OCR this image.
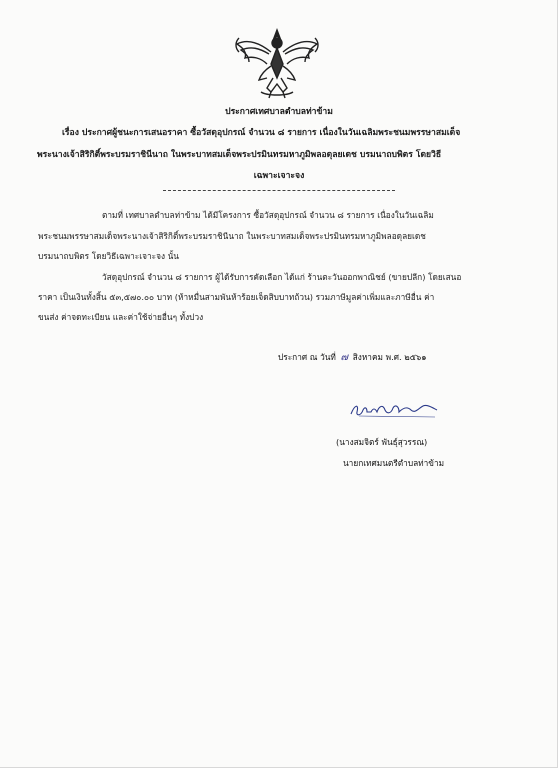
ประกาศเทศบาลตำบลท่าข้าม
เรื่อง ประกาศผู้ชนะการเสนอราคา ซื้อวัสดุอุปกรณ์ จำนวน ๘ รายการ เนื่องในวันเฉลิมพระชนมพรรษาสมเด็จ
พระนางเจ้าสิริกิติ์พระบรมราชินีนาถ ในพระบาทสมเด็จพระปรมินทรมหาภูมิพลอดุลยเดช บรมนาถบพิตร โดยวิธี
เฉพาะเจาะจง
ตามที่ เทศบาลตำบลท่าข้าม ได้มีโครงการ ซื้อวัสดุอุปกรณ์ จำนวน ๘ รายการ เนื่องในวันเฉลิม
พระชนมพรรษาสมเด็จพระนางเจ้าสิริกิติ์พระบรมราชินีนาถ ในพระบาทสมเด็จพระปรมินทรมหาภูมิพลอดุลยเดช
บรมนาถบพิตร โดยวิธีเฉพาะเจาะจง นั้น
วัสดุอุปกรณ์ จำนวน ๘ รายการ ผู้ได้รับการคัดเลือก ได้แก่ ร้านตะวันออกพาณิชย์ (ขายปลีก) โดยเสนอ
ราคา เป็นเงินทั้งสิ้น ๕๓,๕๗๐.๐๐ บาท (ห้าหมื่นสามพันห้าร้อยเจ็ดสิบบาทถ้วน) รวมภาษีมูลค่าเพิ่มและภาษีอื่น ค่า
ขนส่ง ค่าจดทะเบียน และค่าใช้จ่ายอื่นๆ ทั้งปวง
ประกาศ ณ วันที่ ๗ สิงหาคม พ.ศ. ๒๕๖๑
(นางสมจิตร์ พันธุ์สุวรรณ)
นายกเทศมนตรีตำบลท่าข้าม
